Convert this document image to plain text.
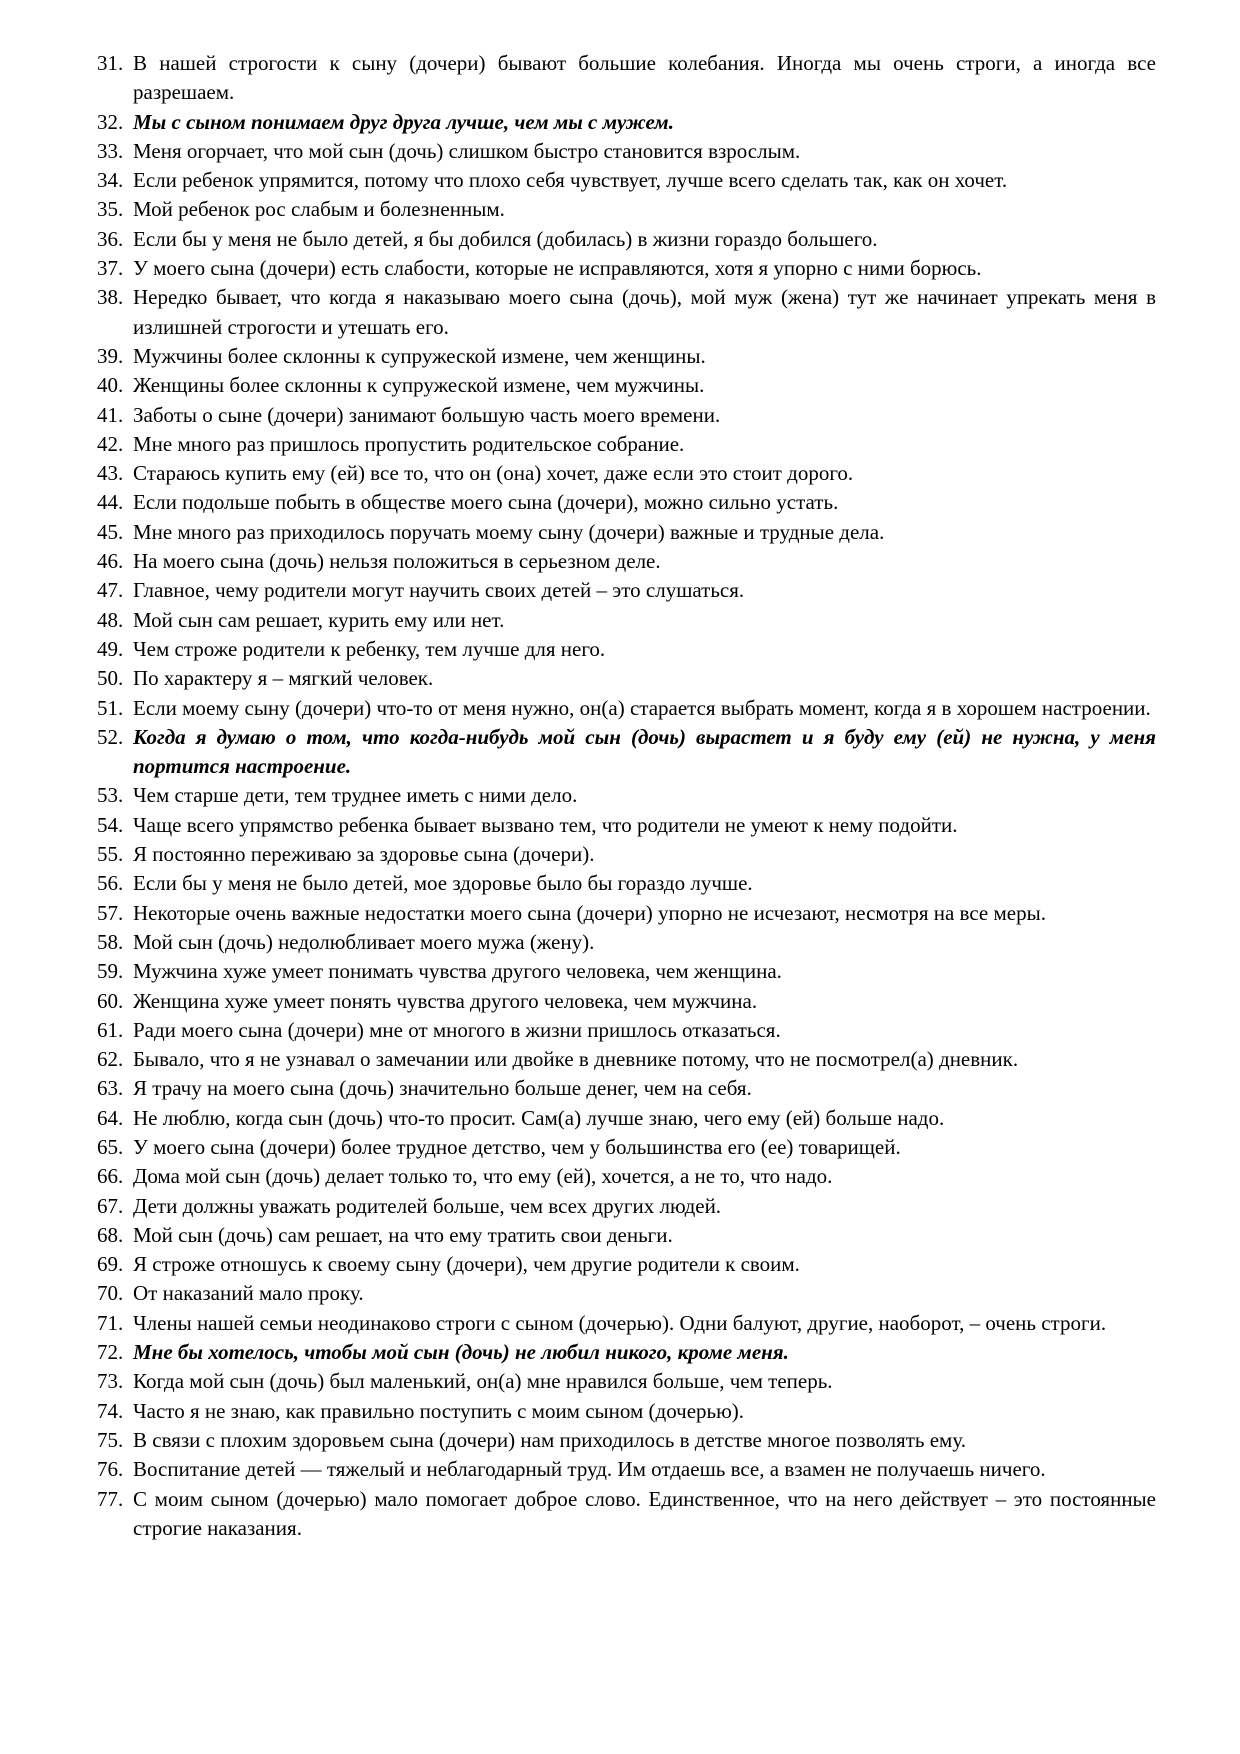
31. В нашей строгости к сыну (дочери) бывают большие колебания. Иногда мы очень строги, а иногда все разрешаем.
32. Мы с сыном понимаем друг друга лучше, чем мы с мужем.
33. Меня огорчает, что мой сын (дочь) слишком быстро становится взрослым.
34. Если ребенок упрямится, потому что плохо себя чувствует, лучше всего сделать так, как он хочет.
35. Мой ребенок рос слабым и болезненным.
36. Если бы у меня не было детей, я бы добился (добилась) в жизни гораздо большего.
37. У моего сына (дочери) есть слабости, которые не исправляются, хотя я упорно с ними борюсь.
38. Нередко бывает, что когда я наказываю моего сына (дочь), мой муж (жена) тут же начинает упрекать меня в излишней строгости и утешать его.
39. Мужчины более склонны к супружеской измене, чем женщины.
40. Женщины более склонны к супружеской измене, чем мужчины.
41. Заботы о сыне (дочери) занимают большую часть моего времени.
42. Мне много раз пришлось пропустить родительское собрание.
43. Стараюсь купить ему (ей) все то, что он (она) хочет, даже если это стоит дорого.
44. Если подольше побыть в обществе моего сына (дочери), можно сильно устать.
45. Мне много раз приходилось поручать моему сыну (дочери) важные и трудные дела.
46. На моего сына (дочь) нельзя положиться в серьезном деле.
47. Главное, чему родители могут научить своих детей – это слушаться.
48. Мой сын сам решает, курить ему или нет.
49. Чем строже родители к ребенку, тем лучше для него.
50. По характеру я – мягкий человек.
51. Если моему сыну (дочери) что-то от меня нужно, он(а) старается выбрать момент, когда я в хорошем настроении.
52. Когда я думаю о том, что когда-нибудь мой сын (дочь) вырастет и я буду ему (ей) не нужна, у меня портится настроение.
53. Чем старше дети, тем труднее иметь с ними дело.
54. Чаще всего упрямство ребенка бывает вызвано тем, что родители не умеют к нему подойти.
55. Я постоянно переживаю за здоровье сына (дочери).
56. Если бы у меня не было детей, мое здоровье было бы гораздо лучше.
57. Некоторые очень важные недостатки моего сына (дочери) упорно не исчезают, несмотря на все меры.
58. Мой сын (дочь) недолюбливает моего мужа (жену).
59. Мужчина хуже умеет понимать чувства другого человека, чем женщина.
60. Женщина хуже умеет понять чувства другого человека, чем мужчина.
61. Ради моего сына (дочери) мне от многого в жизни пришлось отказаться.
62. Бывало, что я не узнавал о замечании или двойке в дневнике потому, что не посмотрел(а) дневник.
63. Я трачу на моего сына (дочь) значительно больше денег, чем на себя.
64. Не люблю, когда сын (дочь) что-то просит. Сам(а) лучше знаю, чего ему (ей) больше надо.
65. У моего сына (дочери) более трудное детство, чем у большинства его (ее) товарищей.
66. Дома мой сын (дочь) делает только то, что ему (ей), хочется, а не то, что надо.
67. Дети должны уважать родителей больше, чем всех других людей.
68. Мой сын (дочь) сам решает, на что ему тратить свои деньги.
69. Я строже отношусь к своему сыну (дочери), чем другие родители к своим.
70. От наказаний мало проку.
71. Члены нашей семьи неодинаково строги с сыном (дочерью). Одни балуют, другие, наоборот, – очень строги.
72. Мне бы хотелось, чтобы мой сын (дочь) не любил никого, кроме меня.
73. Когда мой сын (дочь) был маленький, он(а) мне нравился больше, чем теперь.
74. Часто я не знаю, как правильно поступить с моим сыном (дочерью).
75. В связи с плохим здоровьем сына (дочери) нам приходилось в детстве многое позволять ему.
76. Воспитание детей — тяжелый и неблагодарный труд. Им отдаешь все, а взамен не получаешь ничего.
77. С моим сыном (дочерью) мало помогает доброе слово. Единственное, что на него действует – это постоянные строгие наказания.
